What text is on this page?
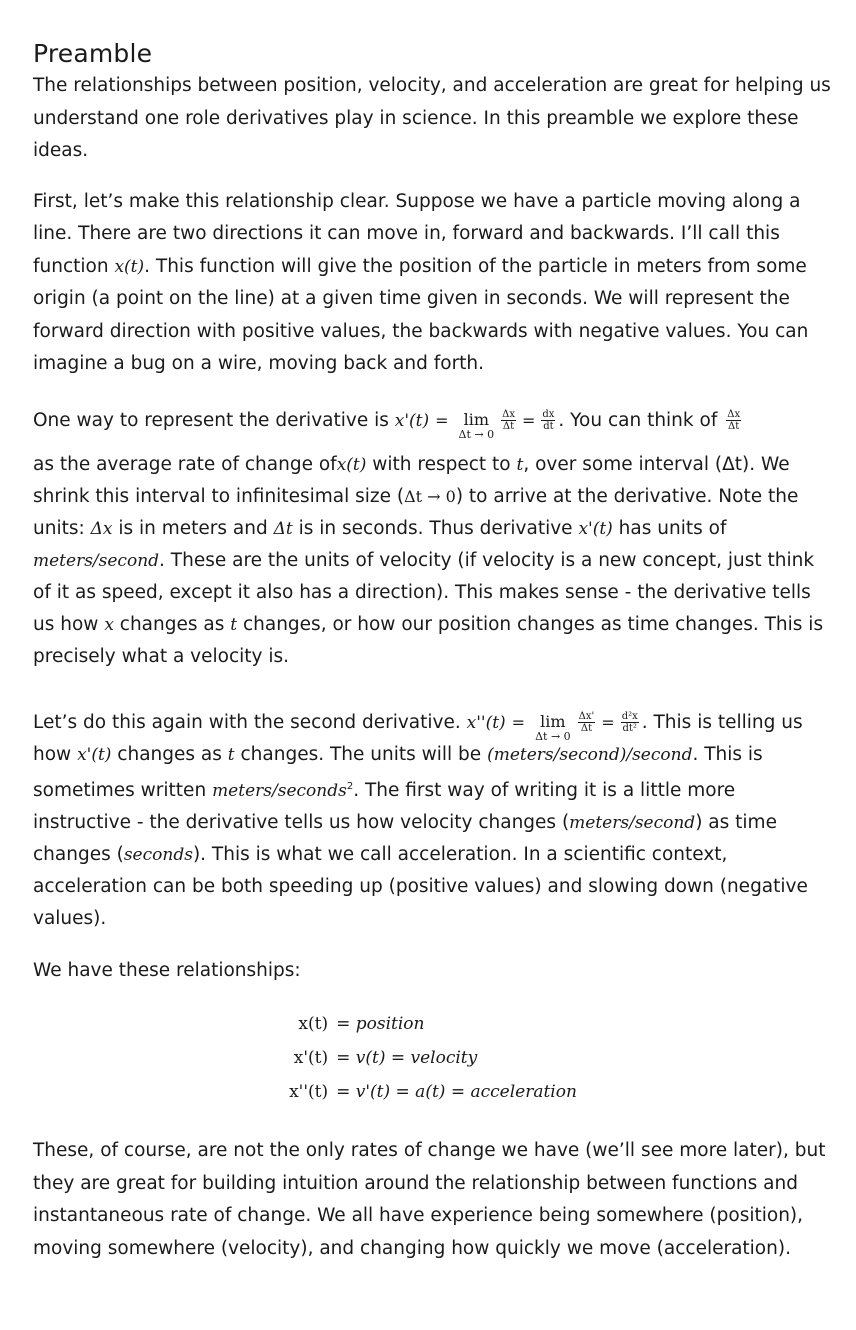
Preamble

The relationships between position, velocity, and acceleration are great for helping us understand one role derivatives play in science. In this preamble we explore these ideas.

First, let’s make this relationship clear. Suppose we have a particle moving along a line. There are two directions it can move in, forward and backwards. I’ll call this function x(t). This function will give the position of the particle in meters from some origin (a point on the line) at a given time given in seconds. We will represent the forward direction with positive values, the backwards with negative values. You can imagine a bug on a wire, moving back and forth.

One way to represent the derivative is x'(t) = lim
Δt → 0
$\frac{\Delta x}{\Delta t} = \frac{dx}{dt}$ . You can think of $\frac{\Delta x}{\Delta t}$

as the average rate of change ofx(t) with respect to t, over some interval (Δt). We shrink this interval to infinitesimal size (Δt → 0) to arrive at the derivative. Note the units: Δx is in meters and Δt is in seconds. Thus derivative x'(t) has units of meters/second. These are the units of velocity (if velocity is a new concept, just think of it as speed, except it also has a direction). This makes sense - the derivative tells us how x changes as t changes, or how our position changes as time changes. This is precisely what a velocity is.

Let’s do this again with the second derivative. x''(t) = lim
Δt → 0
$\frac{\Delta x'}{\Delta t} = \frac{\text{d²x}}{\text{dt²}}$ . This is telling us how x'(t) changes as t changes. The units will be (meters/second)/second. This is sometimes written meters/seconds$^2$. The first way of writing it is a little more instructive - the derivative tells us how velocity changes (meters/second) as time changes (seconds). This is what we call acceleration. In a scientific context, acceleration can be both speeding up (positive values) and slowing down (negative values).

We have these relationships:

x(t)	= position
x'(t)	= v(t) = velocity
x''(t)	= v'(t) = a(t) = acceleration

These, of course, are not the only rates of change we have (we’ll see more later), but they are great for building intuition around the relationship between functions and instantaneous rate of change. We all have experience being somewhere (position), moving somewhere (velocity), and changing how quickly we move (acceleration).
